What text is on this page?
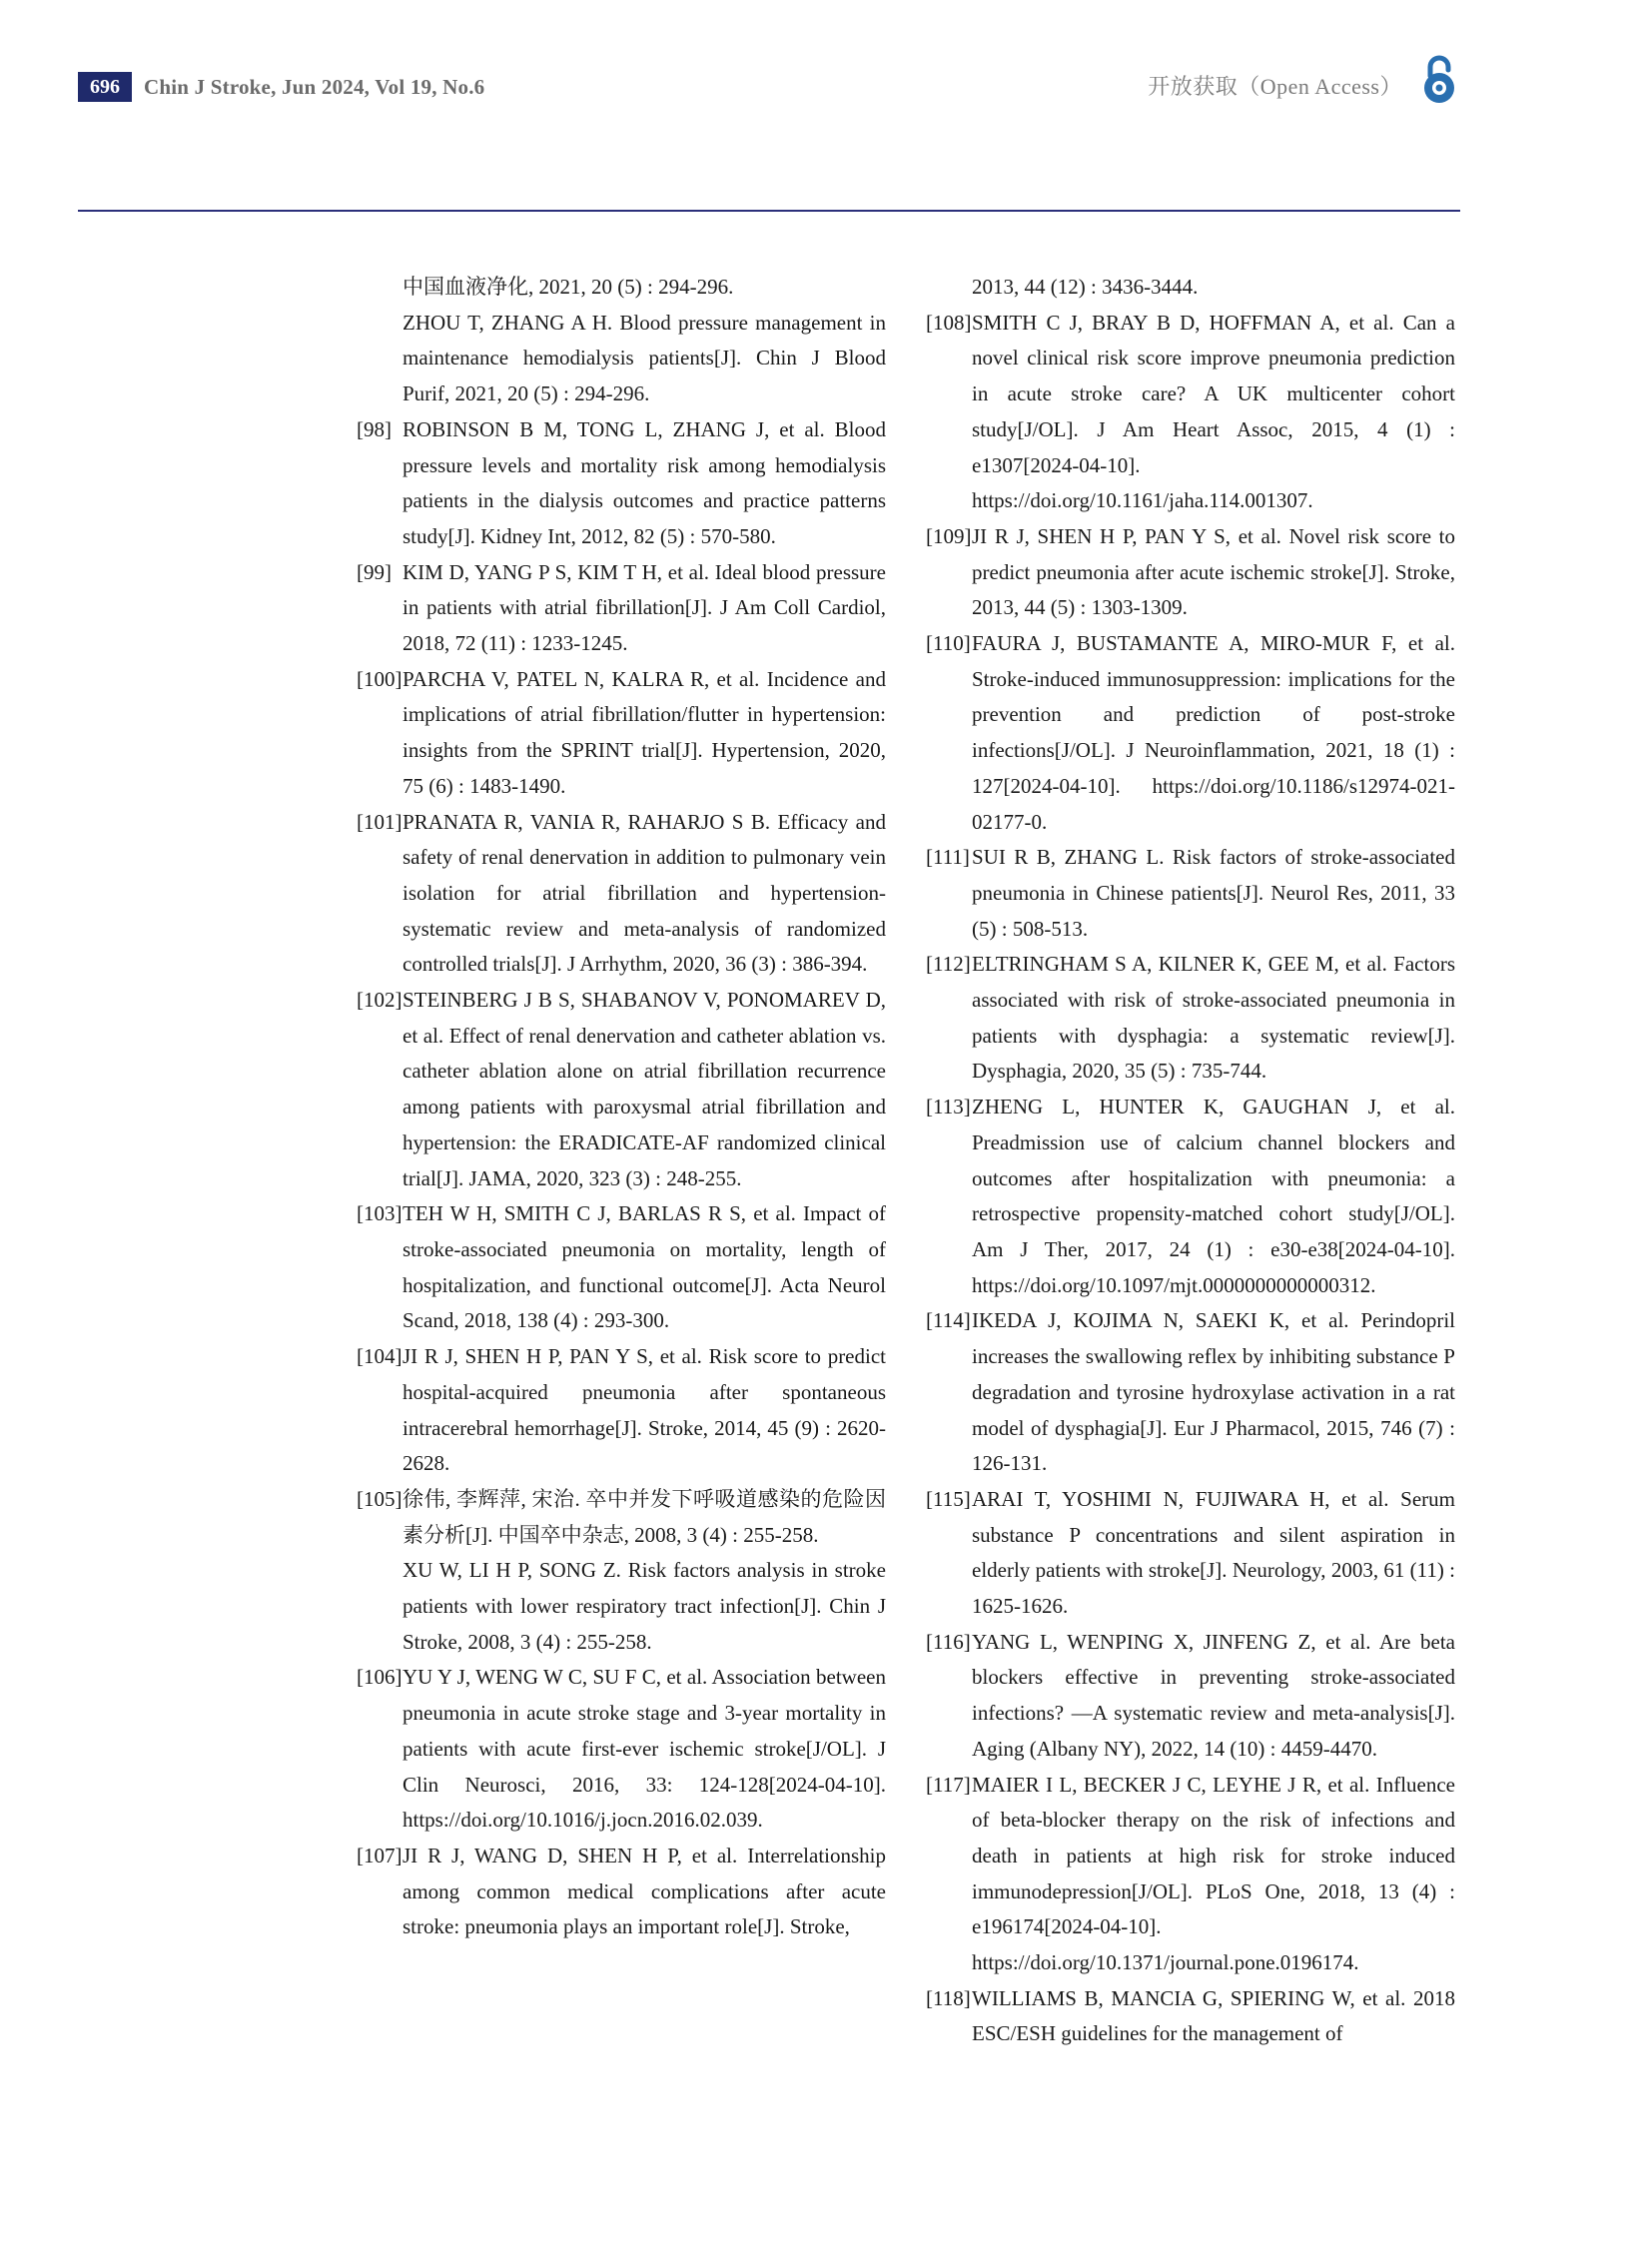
696	Chin J Stroke, Jun 2024, Vol 19, No.6	开放获取（Open Access）

中国血液净化, 2021, 20 (5) : 294-296.

ZHOU T, ZHANG A H. Blood pressure management in maintenance hemodialysis patients[J]. Chin J Blood Purif, 2021, 20 (5) : 294-296.

[98] ROBINSON B M, TONG L, ZHANG J, et al. Blood pressure levels and mortality risk among hemodialysis patients in the dialysis outcomes and practice patterns study[J]. Kidney Int, 2012, 82 (5) : 570-580.

[99] KIM D, YANG P S, KIM T H, et al. Ideal blood pressure in patients with atrial fibrillation[J]. J Am Coll Cardiol, 2018, 72 (11) : 1233-1245.

[100] PARCHA V, PATEL N, KALRA R, et al. Incidence and implications of atrial fibrillation/flutter in hypertension: insights from the SPRINT trial[J]. Hypertension, 2020, 75 (6) : 1483-1490.

[101] PRANATA R, VANIA R, RAHARJO S B. Efficacy and safety of renal denervation in addition to pulmonary vein isolation for atrial fibrillation and hypertension-systematic review and meta-analysis of randomized controlled trials[J]. J Arrhythm, 2020, 36 (3) : 386-394.

[102] STEINBERG J B S, SHABANOV V, PONOMAREV D, et al. Effect of renal denervation and catheter ablation vs. catheter ablation alone on atrial fibrillation recurrence among patients with paroxysmal atrial fibrillation and hypertension: the ERADICATE-AF randomized clinical trial[J]. JAMA, 2020, 323 (3) : 248-255.

[103] TEH W H, SMITH C J, BARLAS R S, et al. Impact of stroke-associated pneumonia on mortality, length of hospitalization, and functional outcome[J]. Acta Neurol Scand, 2018, 138 (4) : 293-300.

[104] JI R J, SHEN H P, PAN Y S, et al. Risk score to predict hospital-acquired pneumonia after spontaneous intracerebral hemorrhage[J]. Stroke, 2014, 45 (9) : 2620-2628.

[105] 徐伟, 李辉萍, 宋治. 卒中并发下呼吸道感染的危险因素分析[J]. 中国卒中杂志, 2008, 3 (4) : 255-258.

XU W, LI H P, SONG Z. Risk factors analysis in stroke patients with lower respiratory tract infection[J]. Chin J Stroke, 2008, 3 (4) : 255-258.

[106] YU Y J, WENG W C, SU F C, et al. Association between pneumonia in acute stroke stage and 3-year mortality in patients with acute first-ever ischemic stroke[J/OL]. J Clin Neurosci, 2016, 33: 124-128[2024-04-10]. https://doi.org/10.1016/j.jocn.2016.02.039.

[107] JI R J, WANG D, SHEN H P, et al. Interrelationship among common medical complications after acute stroke: pneumonia plays an important role[J]. Stroke,

2013, 44 (12) : 3436-3444.

[108] SMITH C J, BRAY B D, HOFFMAN A, et al. Can a novel clinical risk score improve pneumonia prediction in acute stroke care? A UK multicenter cohort study[J/OL]. J Am Heart Assoc, 2015, 4 (1) : e1307[2024-04-10]. https://doi.org/10.1161/jaha.114.001307.

[109] JI R J, SHEN H P, PAN Y S, et al. Novel risk score to predict pneumonia after acute ischemic stroke[J]. Stroke, 2013, 44 (5) : 1303-1309.

[110] FAURA J, BUSTAMANTE A, MIRO-MUR F, et al. Stroke-induced immunosuppression: implications for the prevention and prediction of post-stroke infections[J/OL]. J Neuroinflammation, 2021, 18 (1) : 127[2024-04-10]. https://doi.org/10.1186/s12974-021-02177-0.

[111] SUI R B, ZHANG L. Risk factors of stroke-associated pneumonia in Chinese patients[J]. Neurol Res, 2011, 33 (5) : 508-513.

[112] ELTRINGHAM S A, KILNER K, GEE M, et al. Factors associated with risk of stroke-associated pneumonia in patients with dysphagia: a systematic review[J]. Dysphagia, 2020, 35 (5) : 735-744.

[113] ZHENG L, HUNTER K, GAUGHAN J, et al. Preadmission use of calcium channel blockers and outcomes after hospitalization with pneumonia: a retrospective propensity-matched cohort study[J/OL]. Am J Ther, 2017, 24 (1) : e30-e38[2024-04-10]. https://doi.org/10.1097/mjt.0000000000000312.

[114] IKEDA J, KOJIMA N, SAEKI K, et al. Perindopril increases the swallowing reflex by inhibiting substance P degradation and tyrosine hydroxylase activation in a rat model of dysphagia[J]. Eur J Pharmacol, 2015, 746 (7) : 126-131.

[115] ARAI T, YOSHIMI N, FUJIWARA H, et al. Serum substance P concentrations and silent aspiration in elderly patients with stroke[J]. Neurology, 2003, 61 (11) : 1625-1626.

[116] YANG L, WENPING X, JINFENG Z, et al. Are beta blockers effective in preventing stroke-associated infections? —A systematic review and meta-analysis[J]. Aging (Albany NY), 2022, 14 (10) : 4459-4470.

[117] MAIER I L, BECKER J C, LEYHE J R, et al. Influence of beta-blocker therapy on the risk of infections and death in patients at high risk for stroke induced immunodepression[J/OL]. PLoS One, 2018, 13 (4) : e196174[2024-04-10]. https://doi.org/10.1371/journal.pone.0196174.

[118] WILLIAMS B, MANCIA G, SPIERING W, et al. 2018 ESC/ESH guidelines for the management of
